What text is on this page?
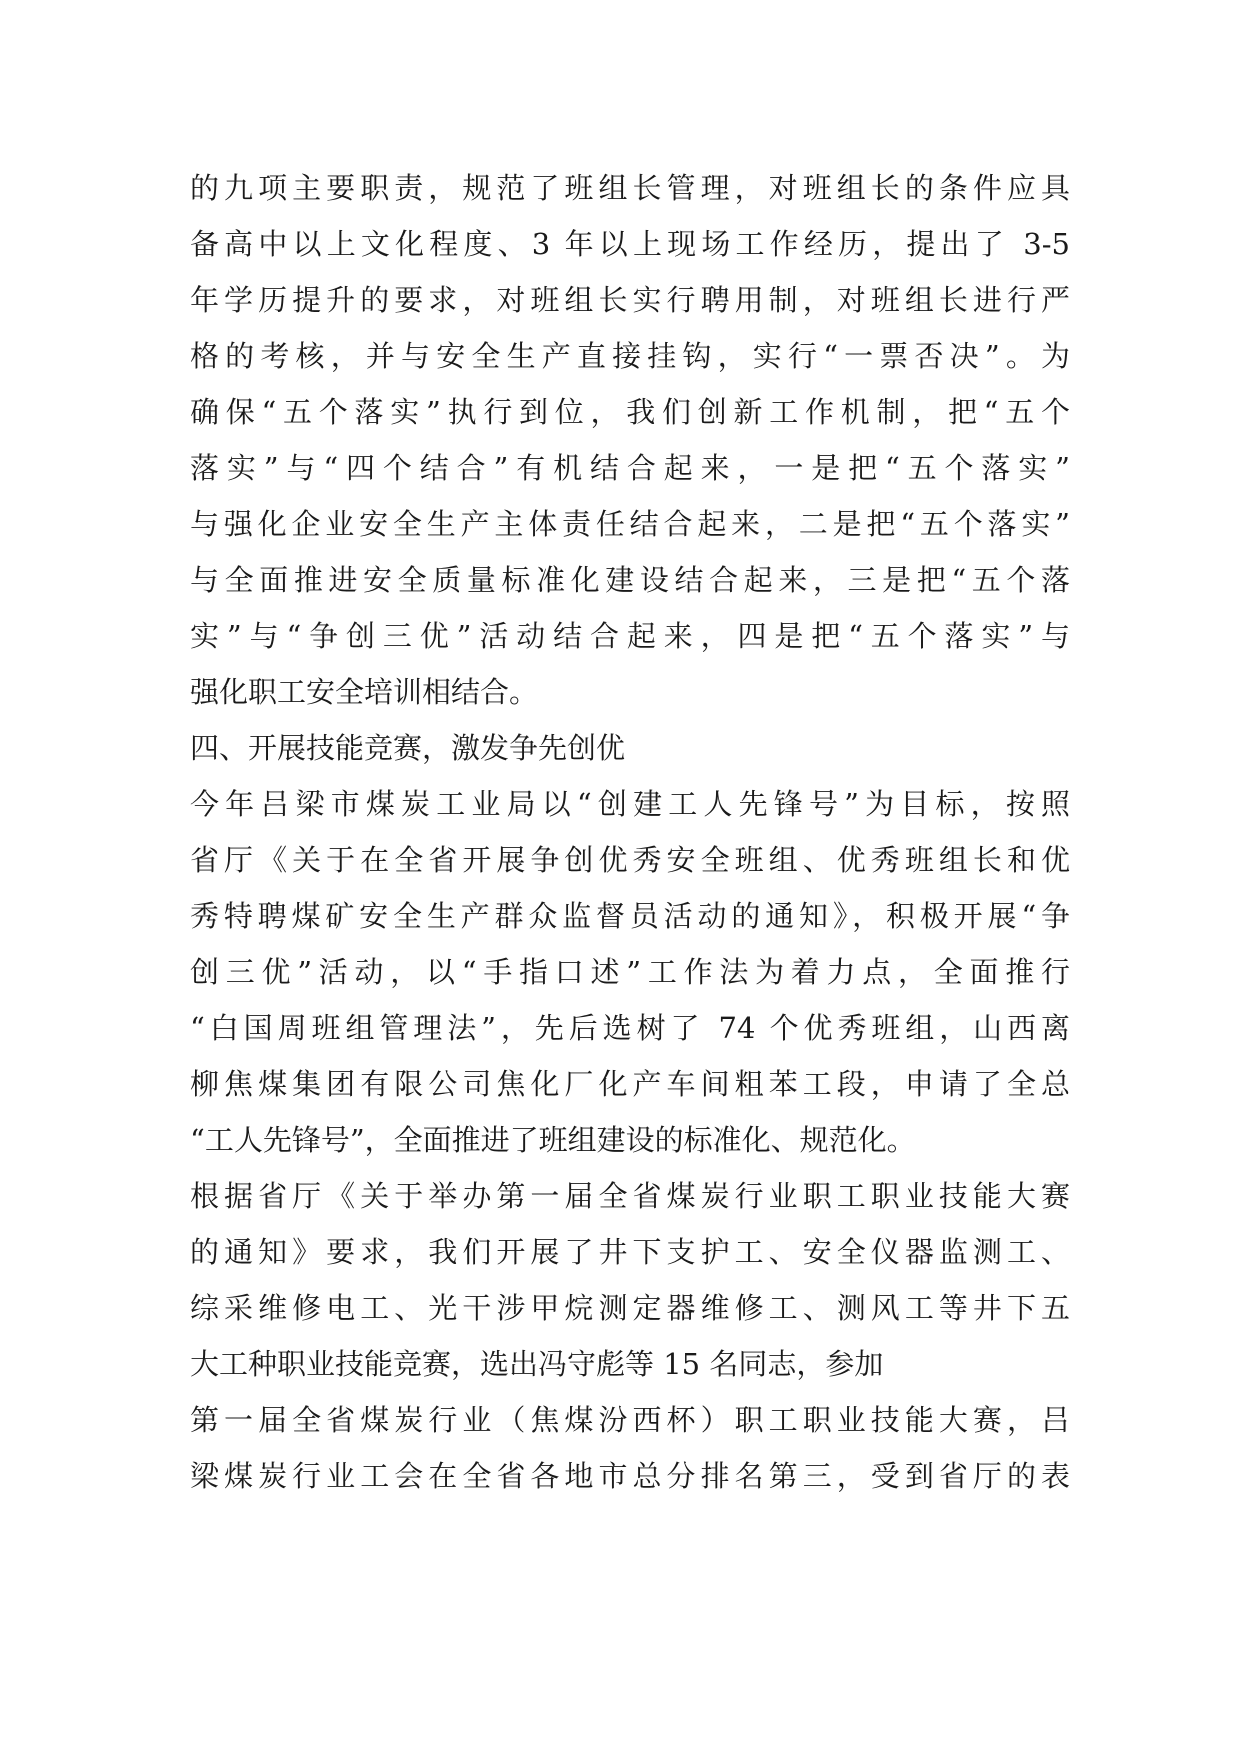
的九项主要职责，规范了班组长管理，对班组长的条件应具
备高中以上文化程度、3 年以上现场工作经历，提出了 3-5
年学历提升的要求，对班组长实行聘用制，对班组长进行严
格的考核，并与安全生产直接挂钩，实行“一票否决”。为
确保“五个落实”执行到位，我们创新工作机制，把“五个
落实”与“四个结合”有机结合起来，一是把“五个落实”
与强化企业安全生产主体责任结合起来，二是把“五个落实”
与全面推进安全质量标准化建设结合起来，三是把“五个落
实”与“争创三优”活动结合起来，四是把“五个落实”与
强化职工安全培训相结合。
四、开展技能竞赛，激发争先创优
今年吕梁市煤炭工业局以“创建工人先锋号”为目标，按照
省厅《关于在全省开展争创优秀安全班组、优秀班组长和优
秀特聘煤矿安全生产群众监督员活动的通知》，积极开展“争
创三优”活动，以“手指口述”工作法为着力点，全面推行
“白国周班组管理法”，先后选树了 74 个优秀班组，山西离
柳焦煤集团有限公司焦化厂化产车间粗苯工段，申请了全总
“工人先锋号”，全面推进了班组建设的标准化、规范化。
根据省厅《关于举办第一届全省煤炭行业职工职业技能大赛
的通知》要求，我们开展了井下支护工、安全仪器监测工、
综采维修电工、光干涉甲烷测定器维修工、测风工等井下五
大工种职业技能竞赛，选出冯守彪等 15 名同志，参加
第一届全省煤炭行业（焦煤汾西杯）职工职业技能大赛，吕
梁煤炭行业工会在全省各地市总分排名第三，受到省厅的表
